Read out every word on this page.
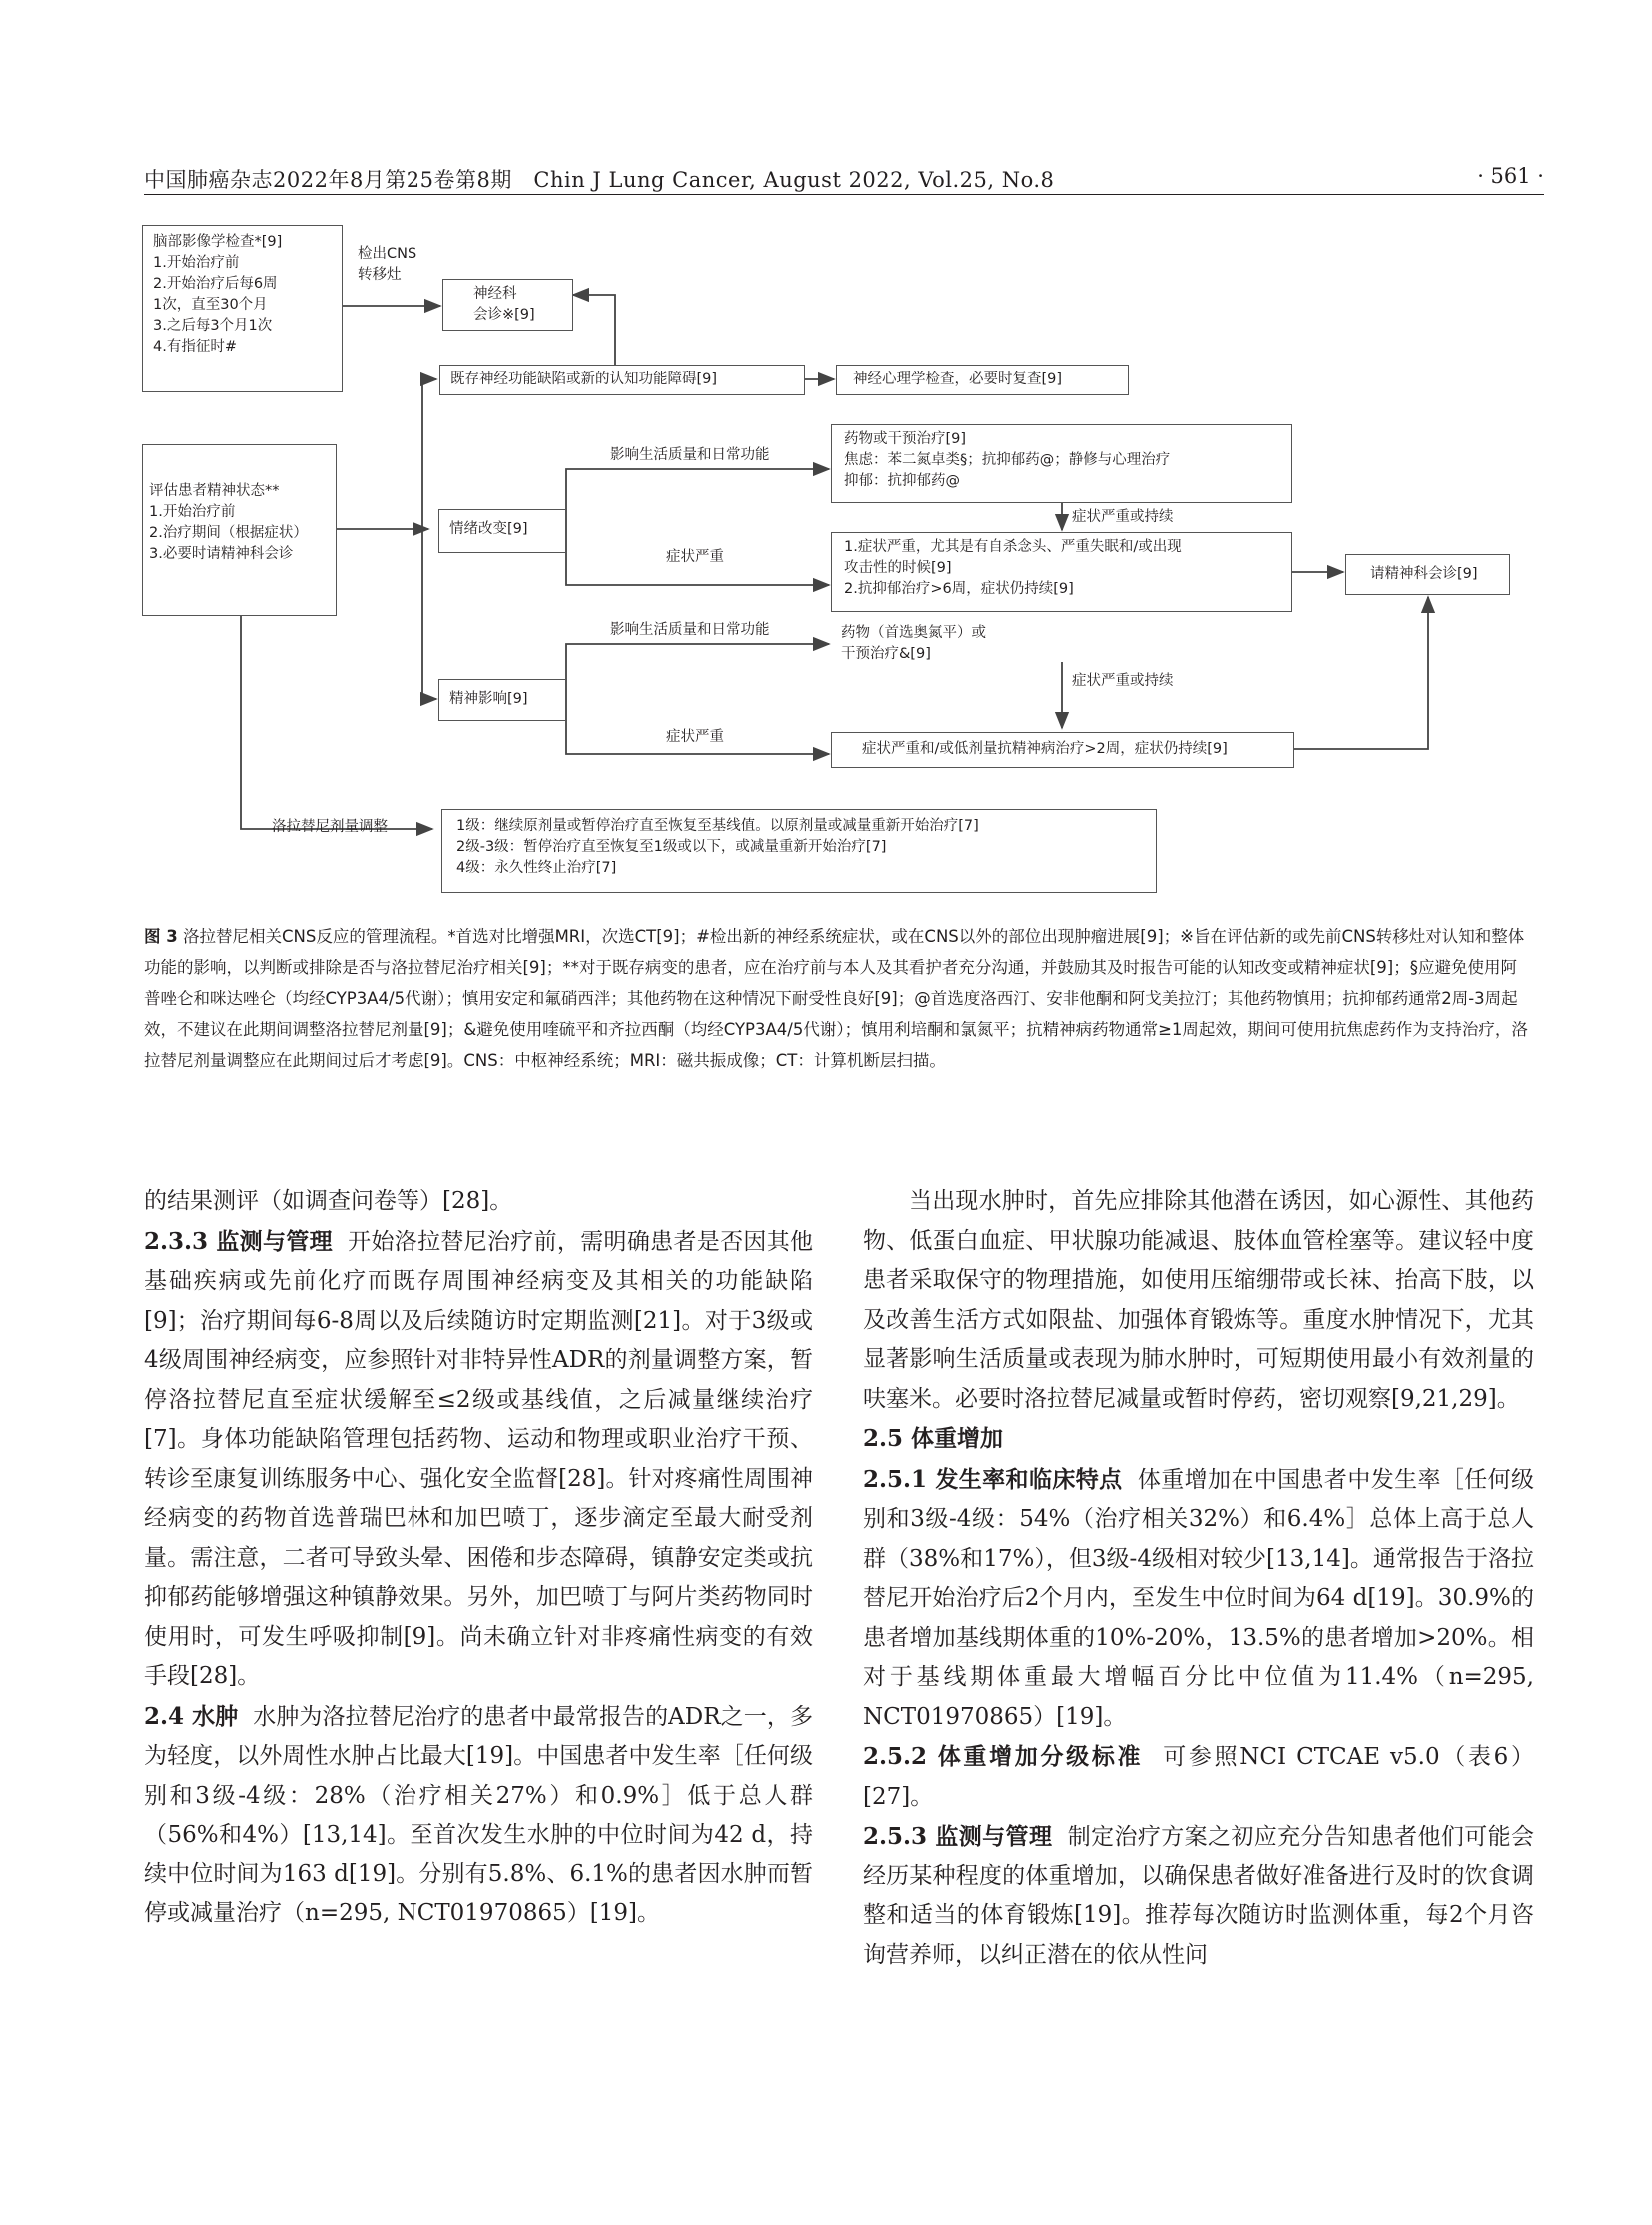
中国肺癌杂志2022年8月第25卷第8期 Chin J Lung Cancer, August 2022, Vol.25, No.8	· 561 ·
脑部影像学检查*[9]
1.开始治疗前
2.开始治疗后每6周
1次，直至30个月
3.之后每3个月1次
4.有指征时#
检出CNS
转移灶
神经科
会诊※[9]
既存神经功能缺陷或新的认知功能障碍[9]	神经心理学检查，必要时复查[9]
评估患者精神状态**
1.开始治疗前
2.治疗期间（根据症状）
3.必要时请精神科会诊
情绪改变[9]
影响生活质量和日常功能
药物或干预治疗[9]
焦虑：苯二氮卓类§；抗抑郁药@；静修与心理治疗
抑郁：抗抑郁药@
症状严重或持续
症状严重
1.症状严重，尤其是有自杀念头、严重失眠和/或出现
攻击性的时候[9]
2.抗抑郁治疗>6周，症状仍持续[9]
请精神科会诊[9]
精神影响[9]
影响生活质量和日常功能	药物（首选奥氮平）或
干预治疗&[9]
症状严重或持续
症状严重
症状严重和/或低剂量抗精神病治疗>2周，症状仍持续[9]
洛拉替尼剂量调整	1级：继续原剂量或暂停治疗直至恢复至基线值。以原剂量或减量重新开始治疗[7]
2级-3级：暂停治疗直至恢复至1级或以下，或减量重新开始治疗[7]
4级：永久性终止治疗[7]
图 3 洛拉替尼相关CNS反应的管理流程。*首选对比增强MRI，次选CT[9]；#检出新的神经系统症状，或在CNS以外的部位出现肿瘤进展[9]；※旨在评估新的或先前CNS转移灶对认知和整体功能的影响，以判断或排除是否与洛拉替尼治疗相关[9]；**对于既存病变的患者，应在治疗前与本人及其看护者充分沟通，并鼓励其及时报告可能的认知改变或精神症状[9]；§应避免使用阿普唑仑和咪达唑仑（均经CYP3A4/5代谢）；慎用安定和氟硝西泮；其他药物在这种情况下耐受性良好[9]；@首选度洛西汀、安非他酮和阿戈美拉汀；其他药物慎用；抗抑郁药通常2周-3周起效，不建议在此期间调整洛拉替尼剂量[9]；&避免使用喹硫平和齐拉西酮（均经CYP3A4/5代谢）；慎用利培酮和氯氮平；抗精神病药物通常≥1周起效，期间可使用抗焦虑药作为支持治疗，洛拉替尼剂量调整应在此期间过后才考虑[9]。CNS：中枢神经系统；MRI：磁共振成像；CT：计算机断层扫描。

的结果测评（如调查问卷等）[28]。

2.3.3 监测与管理 开始洛拉替尼治疗前，需明确患者是否因其他基础疾病或先前化疗而既存周围神经病变及其相关的功能缺陷[9]；治疗期间每6-8周以及后续随访时定期监测[21]。对于3级或4级周围神经病变，应参照针对非特异性ADR的剂量调整方案，暂停洛拉替尼直至症状缓解至≤2级或基线值，之后减量继续治疗[7]。身体功能缺陷管理包括药物、运动和物理或职业治疗干预、转诊至康复训练服务中心、强化安全监督[28]。针对疼痛性周围神经病变的药物首选普瑞巴林和加巴喷丁，逐步滴定至最大耐受剂量。需注意，二者可导致头晕、困倦和步态障碍，镇静安定类或抗抑郁药能够增强这种镇静效果。另外，加巴喷丁与阿片类药物同时使用时，可发生呼吸抑制[9]。尚未确立针对非疼痛性病变的有效手段[28]。

2.4 水肿 水肿为洛拉替尼治疗的患者中最常报告的ADR之一，多为轻度，以外周性水肿占比最大[19]。中国患者中发生率［任何级别和3级-4级：28%（治疗相关27%）和0.9%］低于总人群（56%和4%）[13,14]。至首次发生水肿的中位时间为42 d，持续中位时间为163 d[19]。分别有5.8%、6.1%的患者因水肿而暂停或减量治疗（n=295, NCT01970865）[19]。

当出现水肿时，首先应排除其他潜在诱因，如心源性、其他药物、低蛋白血症、甲状腺功能减退、肢体血管栓塞等。建议轻中度患者采取保守的物理措施，如使用压缩绷带或长袜、抬高下肢，以及改善生活方式如限盐、加强体育锻炼等。重度水肿情况下，尤其显著影响生活质量或表现为肺水肿时，可短期使用最小有效剂量的呋塞米。必要时洛拉替尼减量或暂时停药，密切观察[9,21,29]。

2.5 体重增加

2.5.1 发生率和临床特点 体重增加在中国患者中发生率［任何级别和3级-4级：54%（治疗相关32%）和6.4%］总体上高于总人群（38%和17%），但3级-4级相对较少[13,14]。通常报告于洛拉替尼开始治疗后2个月内，至发生中位时间为64 d[19]。30.9%的患者增加基线期体重的10%-20%，13.5%的患者增加>20%。相对于基线期体重最大增幅百分比中位值为11.4%（n=295, NCT01970865）[19]。

2.5.2 体重增加分级标准 可参照NCI CTCAE v5.0（表6）[27]。

2.5.3 监测与管理 制定治疗方案之初应充分告知患者他们可能会经历某种程度的体重增加，以确保患者做好准备进行及时的饮食调整和适当的体育锻炼[19]。推荐每次随访时监测体重，每2个月咨询营养师，以纠正潜在的依从性问
